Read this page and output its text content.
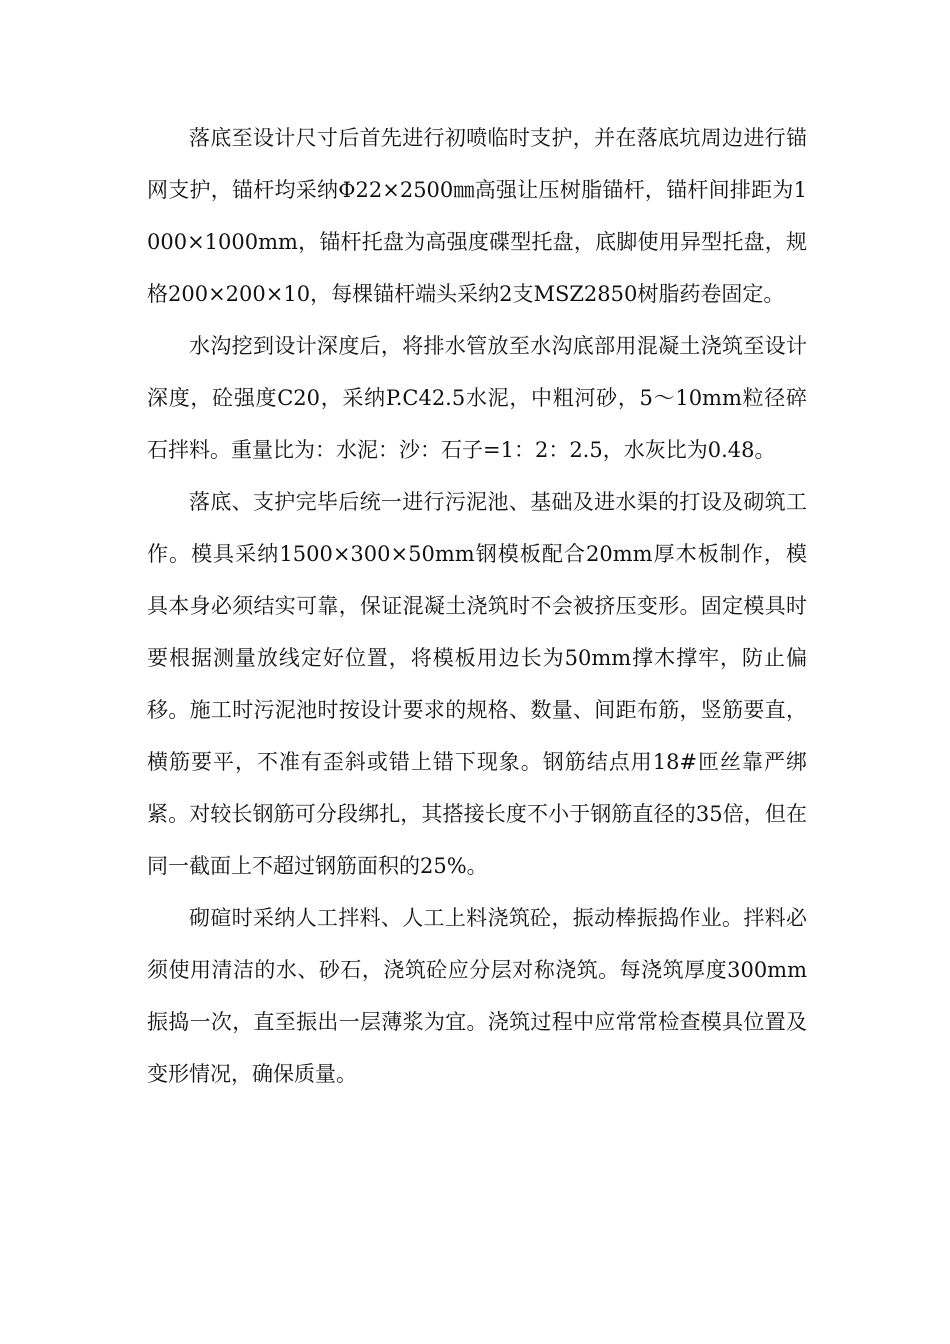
落底至设计尺寸后首先进行初喷临时支护，并在落底坑周边进行锚网支护，锚杆均采纳Φ22×2500㎜高强让压树脂锚杆，锚杆间排距为1000×1000mm，锚杆托盘为高强度碟型托盘，底脚使用异型托盘，规格200×200×10，每棵锚杆端头采纳2支MSZ2850树脂药卷固定。

水沟挖到设计深度后，将排水管放至水沟底部用混凝土浇筑至设计深度，砼强度C20，采纳P.C42.5水泥，中粗河砂，5～10mm粒径碎石拌料。重量比为：水泥：沙：石子=1：2：2.5，水灰比为0.48。

落底、支护完毕后统一进行污泥池、基础及进水渠的打设及砌筑工作。模具采纳1500×300×50mm钢模板配合20mm厚木板制作，模具本身必须结实可靠，保证混凝土浇筑时不会被挤压变形。固定模具时要根据测量放线定好位置，将模板用边长为50mm撑木撑牢，防止偏移。施工时污泥池时按设计要求的规格、数量、间距布筋，竖筋要直，横筋要平，不准有歪斜或错上错下现象。钢筋结点用18#匝丝靠严绑紧。对较长钢筋可分段绑扎，其搭接长度不小于钢筋直径的35倍，但在同一截面上不超过钢筋面积的25%。

砌碹时采纳人工拌料、人工上料浇筑砼，振动棒振捣作业。拌料必须使用清洁的水、砂石，浇筑砼应分层对称浇筑。每浇筑厚度300mm振捣一次，直至振出一层薄浆为宜。浇筑过程中应常常检查模具位置及变形情况，确保质量。
